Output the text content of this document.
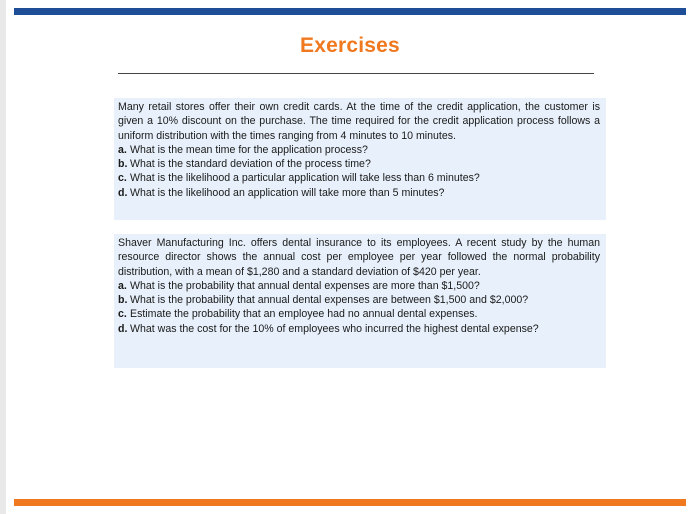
Exercises

Many retail stores offer their own credit cards. At the time of the credit application, the customer is given a 10% discount on the purchase. The time required for the credit application process follows a uniform distribution with the times ranging from 4 minutes to 10 minutes.

a. What is the mean time for the application process?
b. What is the standard deviation of the process time?
c. What is the likelihood a particular application will take less than 6 minutes?
d. What is the likelihood an application will take more than 5 minutes?

Shaver Manufacturing Inc. offers dental insurance to its employees. A recent study by the human resource director shows the annual cost per employee per year followed the normal probability distribution, with a mean of $1,280 and a standard deviation of $420 per year.

a. What is the probability that annual dental expenses are more than $1,500?
b. What is the probability that annual dental expenses are between $1,500 and $2,000?
c. Estimate the probability that an employee had no annual dental expenses.
d. What was the cost for the 10% of employees who incurred the highest dental expense?
